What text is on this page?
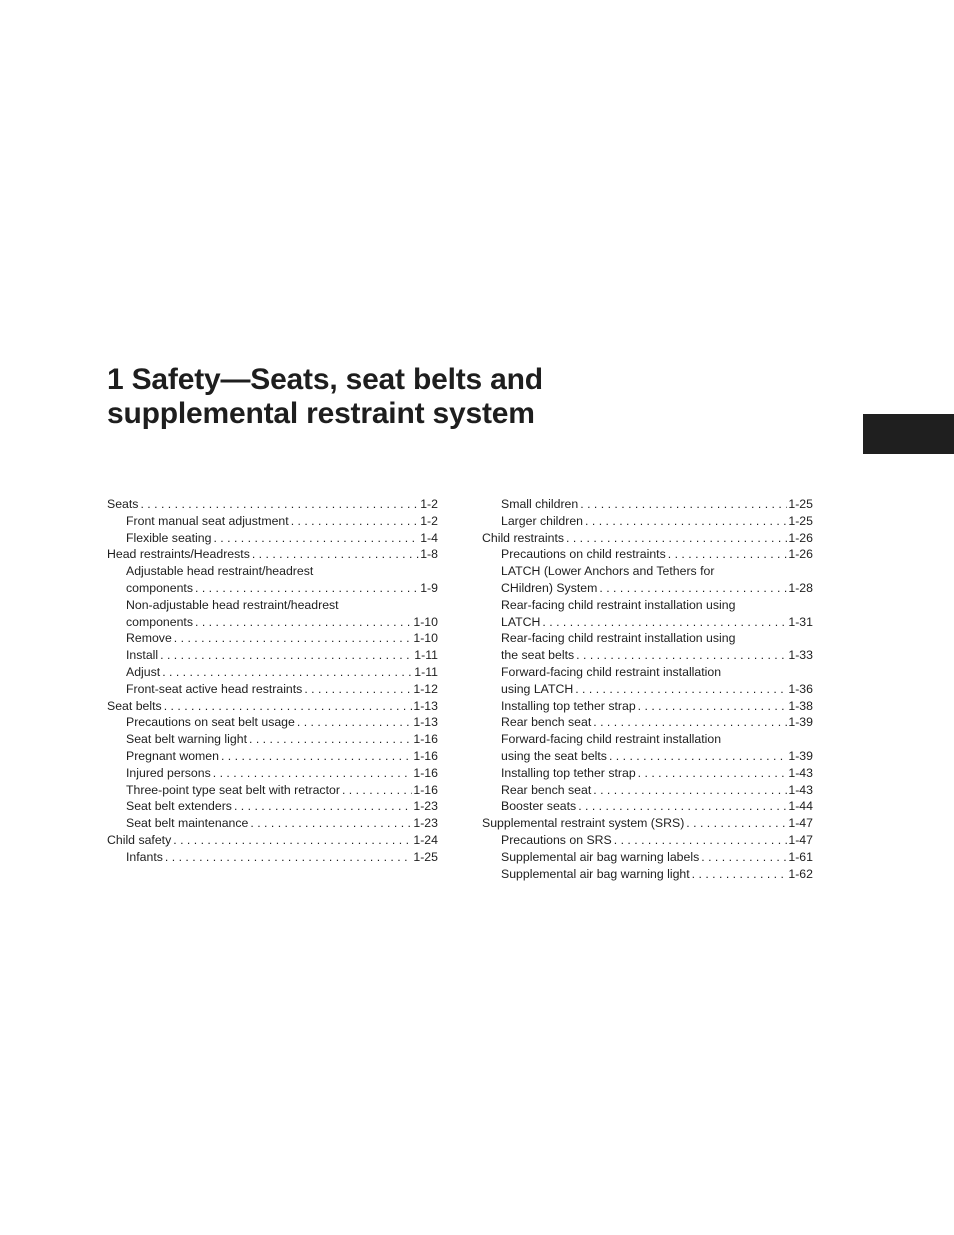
1 Safety—Seats, seat belts and
supplemental restraint system
Seats . . .	1-2
Front manual seat adjustment . . .	1-2
Flexible seating . . .	1-4
Head restraints/Headrests . . .	1-8
Adjustable head restraint/headrest
components . . .	1-9
Non-adjustable head restraint/headrest
components . . .	1-10
Remove . . .	1-10
Install . . .	1-11
Adjust . . .	1-11
Front-seat active head restraints . . .	1-12
Seat belts . . .	1-13
Precautions on seat belt usage . . .	1-13
Seat belt warning light . . .	1-16
Pregnant women . . .	1-16
Injured persons . . .	1-16
Three-point type seat belt with retractor . . .	1-16
Seat belt extenders . . .	1-23
Seat belt maintenance . . .	1-23
Child safety . . .	1-24
Infants . . .	1-25
Small children . . .	1-25
Larger children . . .	1-25
Child restraints . . .	1-26
Precautions on child restraints . . .	1-26
LATCH (Lower Anchors and Tethers for
CHildren) System . . .	1-28
Rear-facing child restraint installation using
LATCH . . .	1-31
Rear-facing child restraint installation using
the seat belts . . .	1-33
Forward-facing child restraint installation
using LATCH . . .	1-36
Installing top tether strap . . .	1-38
Rear bench seat . . .	1-39
Forward-facing child restraint installation
using the seat belts . . .	1-39
Installing top tether strap . . .	1-43
Rear bench seat . . .	1-43
Booster seats . . .	1-44
Supplemental restraint system (SRS) . . .	1-47
Precautions on SRS . . .	1-47
Supplemental air bag warning labels . . .	1-61
Supplemental air bag warning light . . .	1-62
